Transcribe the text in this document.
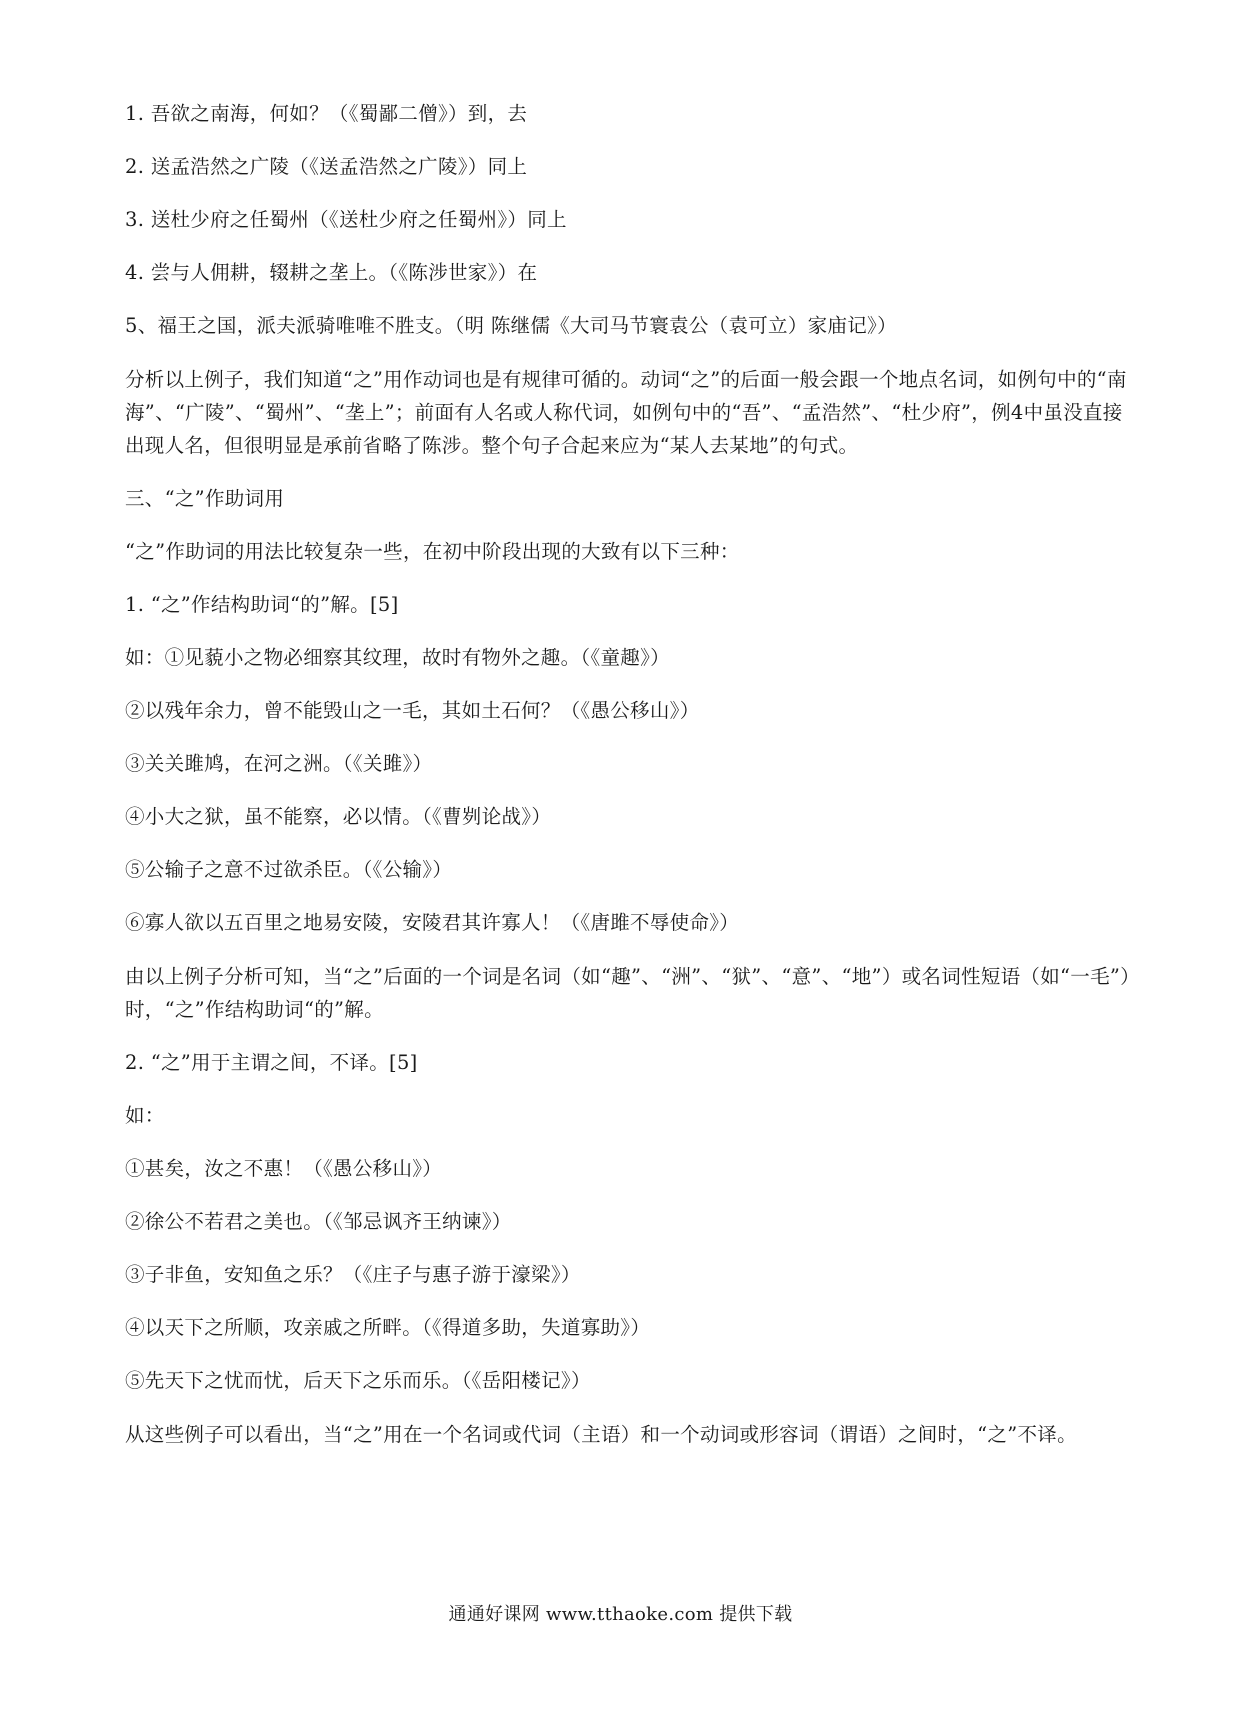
1. 吾欲之南海，何如？（《蜀鄙二僧》）到，去

2. 送孟浩然之广陵（《送孟浩然之广陵》）同上

3. 送杜少府之任蜀州（《送杜少府之任蜀州》）同上

4. 尝与人佣耕，辍耕之垄上。（《陈涉世家》）在

5、福王之国，派夫派骑唯唯不胜支。（明 陈继儒《大司马节寰袁公（袁可立）家庙记》）

分析以上例子，我们知道“之”用作动词也是有规律可循的。动词“之”的后面一般会跟一个地点名词，如例句中的“南海”、“广陵”、“蜀州”、“垄上”；前面有人名或人称代词，如例句中的“吾”、“孟浩然”、“杜少府”，例4中虽没直接出现人名，但很明显是承前省略了陈涉。整个句子合起来应为“某人去某地”的句式。

三、“之”作助词用

“之”作助词的用法比较复杂一些，在初中阶段出现的大致有以下三种：

1. “之”作结构助词“的”解。[5]

如：①见藐小之物必细察其纹理，故时有物外之趣。（《童趣》）

②以残年余力，曾不能毁山之一毛，其如土石何？（《愚公移山》）

③关关雎鸠，在河之洲。（《关雎》）

④小大之狱，虽不能察，必以情。（《曹刿论战》）

⑤公输子之意不过欲杀臣。（《公输》）

⑥寡人欲以五百里之地易安陵，安陵君其许寡人！（《唐雎不辱使命》）

由以上例子分析可知，当“之”后面的一个词是名词（如“趣”、“洲”、“狱”、“意”、“地”）或名词性短语（如“一毛”）时，“之”作结构助词“的”解。

2. “之”用于主谓之间，不译。[5]

如：

①甚矣，汝之不惠！（《愚公移山》）

②徐公不若君之美也。（《邹忌讽齐王纳谏》）

③子非鱼，安知鱼之乐？（《庄子与惠子游于濠梁》）

④以天下之所顺，攻亲戚之所畔。（《得道多助，失道寡助》）

⑤先天下之忧而忧，后天下之乐而乐。（《岳阳楼记》）

从这些例子可以看出，当“之”用在一个名词或代词（主语）和一个动词或形容词（谓语）之间时，“之”不译。

通通好课网 www.tthaoke.com 提供下载
